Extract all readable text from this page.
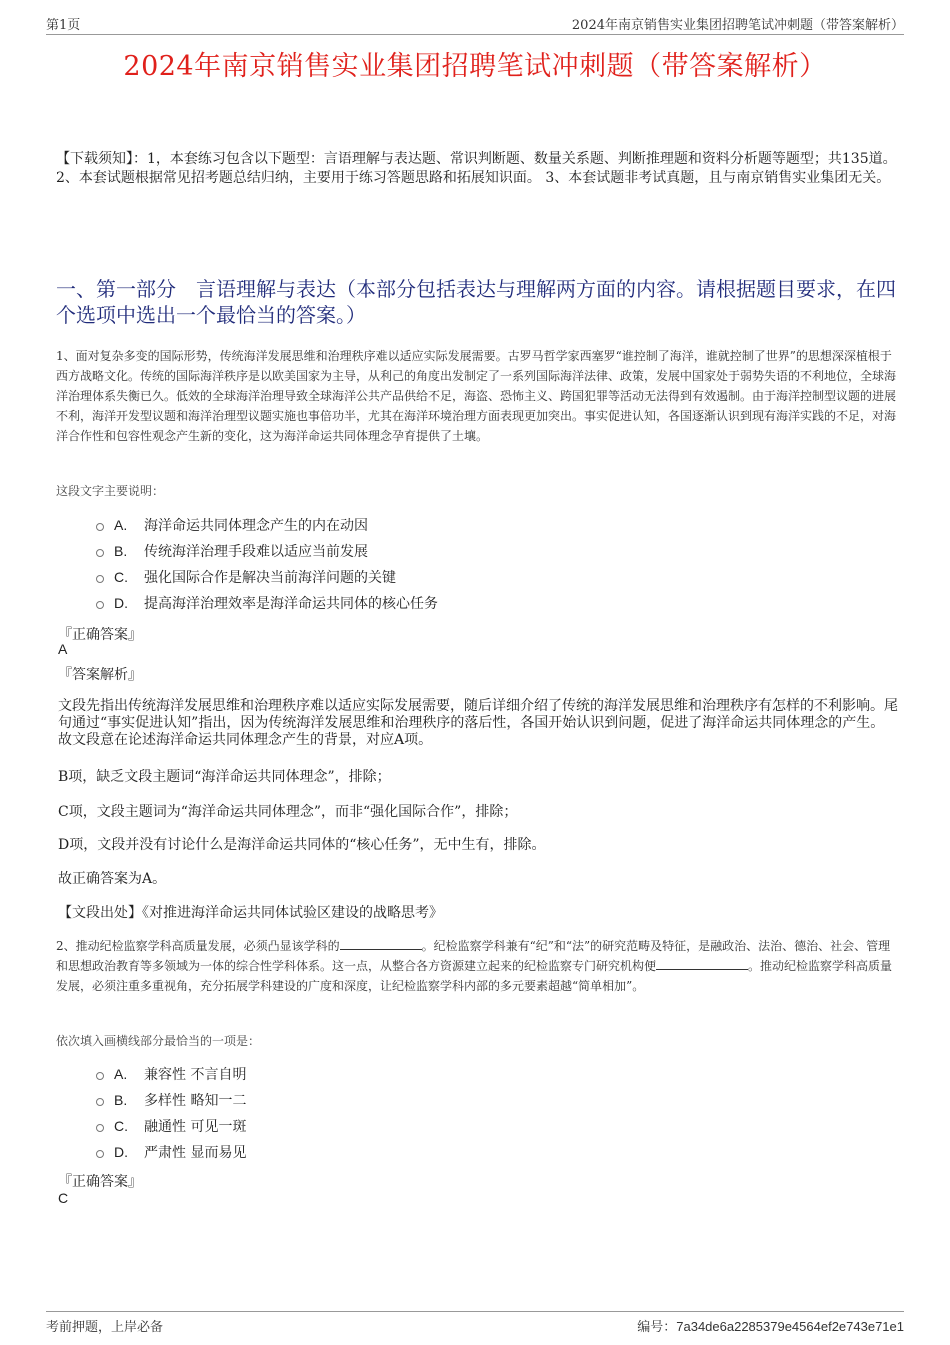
第1页	2024年南京销售实业集团招聘笔试冲刺题（带答案解析）
2024年南京销售实业集团招聘笔试冲刺题（带答案解析）
【下载须知】：1，本套练习包含以下题型：言语理解与表达题、常识判断题、数量关系题、判断推理题和资料分析题等题型；共135道。 2、本套试题根据常见招考题总结归纳，主要用于练习答题思路和拓展知识面。 3、本套试题非考试真题，且与南京销售实业集团无关。
一、第一部分　言语理解与表达（本部分包括表达与理解两方面的内容。请根据题目要求，在四个选项中选出一个最恰当的答案。）
1、面对复杂多变的国际形势，传统海洋发展思维和治理秩序难以适应实际发展需要。古罗马哲学家西塞罗“谁控制了海洋，谁就控制了世界”的思想深深植根于西方战略文化。传统的国际海洋秩序是以欧美国家为主导，从利己的角度出发制定了一系列国际海洋法律、政策，发展中国家处于弱势失语的不利地位，全球海洋治理体系失衡已久。低效的全球海洋治理导致全球海洋公共产品供给不足，海盗、恐怖主义、跨国犯罪等活动无法得到有效遏制。由于海洋控制型议题的进展不利，海洋开发型议题和海洋治理型议题实施也事倍功半，尤其在海洋环境治理方面表现更加突出。事实促进认知，各国逐渐认识到现有海洋实践的不足，对海洋合作性和包容性观念产生新的变化，这为海洋命运共同体理念孕育提供了土壤。
这段文字主要说明：
A.	海洋命运共同体理念产生的内在动因
B.	传统海洋治理手段难以适应当前发展
C.	强化国际合作是解决当前海洋问题的关键
D.	提高海洋治理效率是海洋命运共同体的核心任务
『正确答案』
A
『答案解析』
文段先指出传统海洋发展思维和治理秩序难以适应实际发展需要，随后详细介绍了传统的海洋发展思维和治理秩序有怎样的不利影响。尾句通过“事实促进认知”指出，因为传统海洋发展思维和治理秩序的落后性，各国开始认识到问题，促进了海洋命运共同体理念的产生。故文段意在论述海洋命运共同体理念产生的背景，对应A项。
B项，缺乏文段主题词“海洋命运共同体理念”，排除；
C项，文段主题词为“海洋命运共同体理念”，而非“强化国际合作”，排除；
D项，文段并没有讨论什么是海洋命运共同体的“核心任务”，无中生有，排除。
故正确答案为A。
【文段出处】《对推进海洋命运共同体试验区建设的战略思考》
2、推动纪检监察学科高质量发展，必须凸显该学科的	。纪检监察学科兼有“纪”和“法”的研究范畴及特征，是融政治、法治、德治、社会、管理和思想政治教育等多领域为一体的综合性学科体系。这一点，从整合各方资源建立起来的纪检监察专门研究机构便	。推动纪检监察学科高质量发展，必须注重多重视角，充分拓展学科建设的广度和深度，让纪检监察学科内部的多元要素超越“简单相加”。
依次填入画横线部分最恰当的一项是：
A.	兼容性 不言自明
B.	多样性 略知一二
C.	融通性 可见一斑
D.	严肃性 显而易见
『正确答案』
C
考前押题，上岸必备	编号：7a34de6a2285379e4564ef2e743e71e1
